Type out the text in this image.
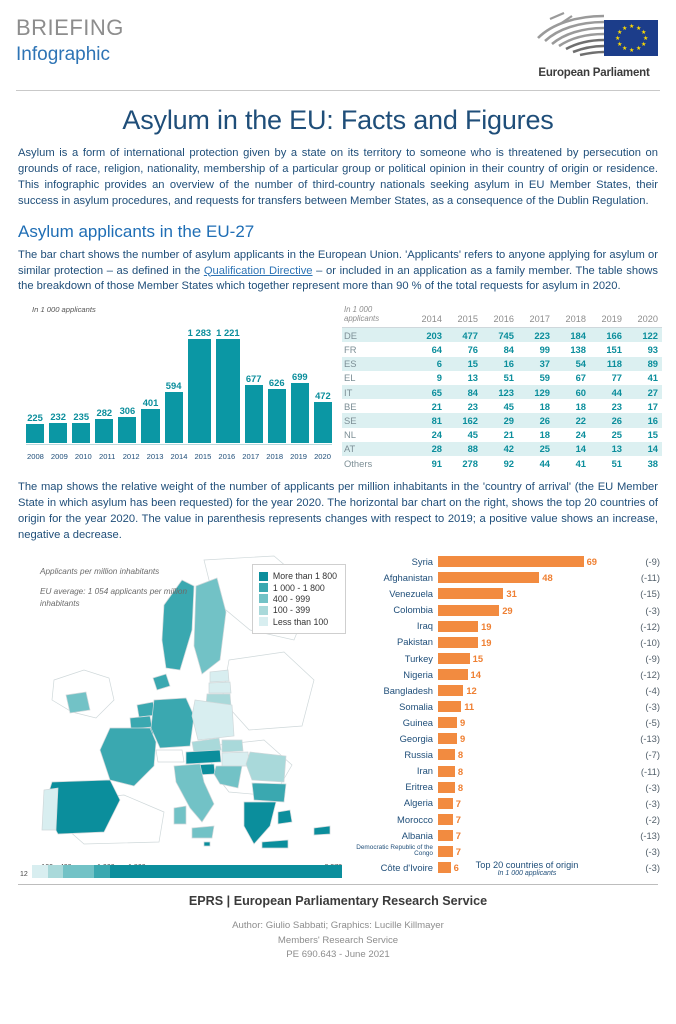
BRIEFING
Infographic
★ ★
★
★
★
★
★
★
★
★
★
★
European Parliament
Asylum in the EU: Facts and Figures
Asylum is a form of international protection given by a state on its territory to someone who is threatened by persecution on grounds of race, religion, nationality, membership of a particular group or political opinion in their country of origin or residence. This infographic provides an overview of the number of third-country nationals seeking asylum in EU Member States, their success in asylum procedures, and requests for transfers between Member States, as a consequence of the Dublin Regulation.
Asylum applicants in the EU-27
The bar chart shows the number of asylum applicants in the European Union. 'Applicants' refers to anyone applying for asylum or similar protection – as defined in the Qualification Directive – or included in an application as a family member. The table shows the breakdown of those Member States which together represent more than 90 % of the total requests for asylum in 2020.
In 1 000 applicants
225 232 235 282 306
401
594
1 283 1 221
677 626
699
472
2008 2009 2010 2011 2012 2013 2014 2015 2016 2017 2018 2019 2020
In 1 000 applicants	2014	2015	2016	2017	2018	2019	2020
DE	203	477	745	223	184	166	122
FR	64	76	84	99	138	151	93
ES	6	15	16	37	54	118	89
EL	9	13	51	59	67	77	41
IT	65	84	123	129	60	44	27
BE	21	23	45	18	18	23	17
SE	81	162	29	26	22	26	16
NL	24	45	21	18	24	25	15
AT	28	88	42	25	14	13	14
Others	91	278	92	44	41	51	38
The map shows the relative weight of the number of applicants per million inhabitants in the 'country of arrival' (the EU Member State in which asylum has been requested) for the year 2020. The horizontal bar chart on the right, shows the top 20 countries of origin for the year 2020. The value in parenthesis represents changes with respect to 2019; a positive value shows an increase, negative a decrease.
Applicants per million inhabitants
EU average: 1 054 applicants per million inhabitants
More than 1 800
1 000 - 1 800
400 - 999
100 - 399
Less than 100
12
Syria	69	(-9)
Afghanistan	48	(-11)
Venezuela	31	(-15)
Colombia	29	(-3)
Iraq	19	(-12)
Pakistan	19	(-10)
Turkey	15	(-9)
Nigeria	14	(-12)
Bangladesh	12	(-4)
Somalia	11	(-3)
Guinea	9	(-5)
Georgia	9	(-13)
Russia	8	(-7)
Iran	8	(-11)
Eritrea	8	(-3)
Algeria	7	(-3)
Morocco	7	(-2)
Albania	7	(-13)
Democratic Republic of the Congo	7	(-3)
Côte d'Ivoire	6	(-3)
Top 20 countries of origin
In 1 000 applicants
EPRS | European Parliamentary Research Service
Author: Giulio Sabbati; Graphics: Lucille Killmayer
Members' Research Service
PE 690.643 - June 2021
